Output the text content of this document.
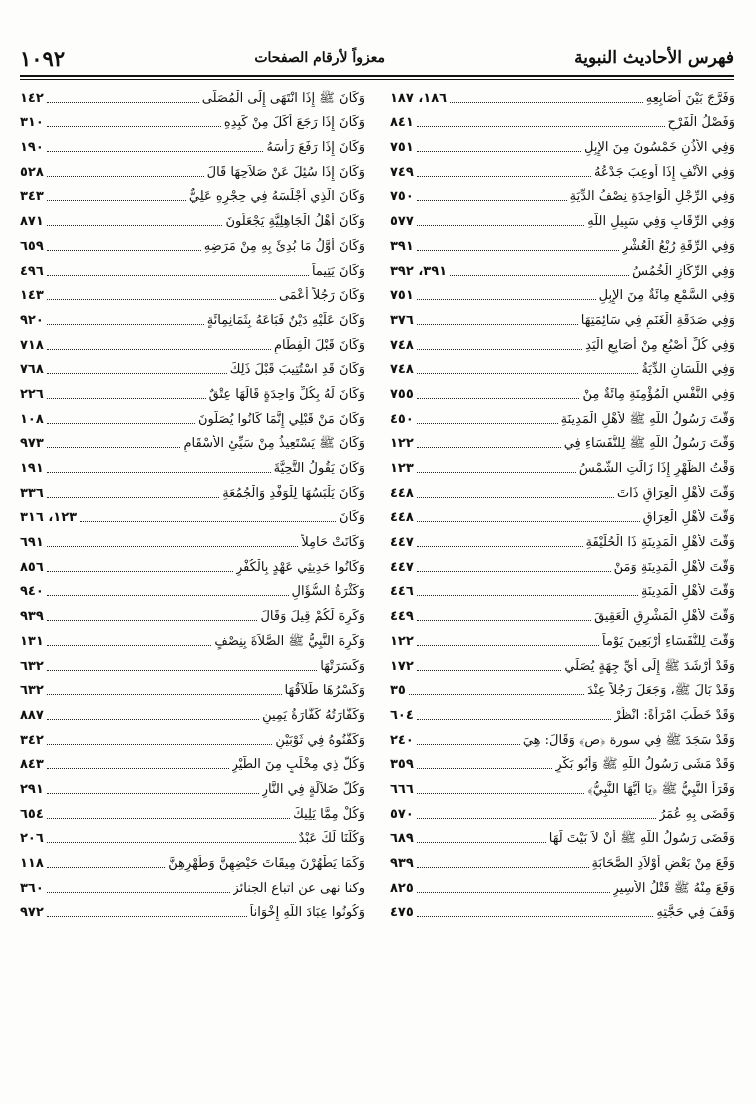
فهرس الأحاديث النبوية
معزواً لأرقام الصفحات
١٠٩٢
وَفَرَّجَ بَيْنَ أَصَابِعِهِ
١٨٦، ١٨٧
وَفَصْلُ الْفَرْحِ
٨٤١
وَفِي الأُذُنِ خَمْسُونَ مِنَ الإِبِلِ
٧٥١
وَفِي الأَنْفِ إِذَا أُوعِبَ جَدْعُهُ
٧٤٩
وَفِي الرِّجْلِ الْوَاحِدَةِ نِصْفُ الدِّيَةِ
٧٥٠
وَفِي الرِّقَابِ وَفِي سَبِيلِ اللَّهِ
٥٧٧
وَفِي الرِّقَةِ رُبْعُ الْعُشْرِ
٣٩١
وَفِي الرِّكَازِ الْخُمُسُ
٣٩١، ٣٩٢
وَفِي السَّمْعِ مِائَةٌ مِنَ الإِبِلِ
٧٥١
وَفِي صَدَقَةِ الْغَنَمِ فِي سَائِمَتِهَا
٣٧٦
وَفِي كُلِّ أُصْبُعٍ مِنْ أَصَابِعِ الْيَدِ
٧٤٨
وَفِي اللِّسَانِ الدِّيَةُ
٧٤٨
وَفِي النَّفْسِ الْمُؤْمِنَةِ مِائَةٌ مِنْ
٧٥٥
وَقَّتَ رَسُولُ اللَّهِ ﷺ لأَهْلِ الْمَدِينَةِ
٤٥٠
وَقَّتَ رَسُولُ اللَّهِ ﷺ لِلنُّفَسَاءِ فِي
١٢٢
وَقْتُ الظُّهْرِ إِذَا زَالَتِ الشَّمْسُ
١٢٣
وَقَّتَ لأَهْلِ الْعِرَاقِ ذَاتَ
٤٤٨
وَقَّتَ لأَهْلِ الْعِرَاقِ
٤٤٨
وَقَّتَ لأَهْلِ الْمَدِينَةِ ذَا الْحُلَيْفَةِ
٤٤٧
وَقَّتَ لأَهْلِ الْمَدِينَةِ وَمَنْ
٤٤٧
وَقَّتَ لأَهْلِ الْمَدِينَةِ
٤٤٦
وَقَّتَ لأَهْلِ الْمَشْرِقِ الْعَقِيقَ
٤٤٩
وَقَّتَ لِلنُّفَسَاءِ أَرْبَعِينَ يَوْماً
١٢٢
وَقَدْ أَرْشَدَ ﷺ إِلَى أَيِّ جِهَةٍ يُصَلِّي
١٧٢
وَقَدْ بَالَ ﷺ، وَجَعَلَ رَجُلاً عِنْدَ
٣٥
وَقَدْ خَطَبَ امْرَأَةً: انْظُرْ
٦٠٤
وَقَدْ سَجَدَ ﷺ فِي سورة ﴿ص﴾ وَقَالَ: هِيَ
٢٤٠
وَقَدْ مَشَى رَسُولُ اللَّهِ ﷺ وَأَبُو بَكْرٍ
٣٥٩
وَقَرَأَ النَّبِيُّ ﷺ ﴿يَا أَيُّهَا النَّبِيُّ﴾
٦٦٦
وَقَضَى بِهِ عُمَرُ
٥٧٠
وَقَضَى رَسُولُ اللَّهِ ﷺ أَنْ لاَ بَيْتَ لَهَا
٦٨٩
وَقَعَ مِنْ بَعْضِ أَوْلاَدِ الصَّحَابَةِ
٩٣٩
وَقَعَ مِنْهُ ﷺ قَتْلُ الأَسِيرِ
٨٢٥
وَقَفَ فِي حَجَّتِهِ
٤٧٥
وَكَانَ ﷺ إِذَا انْتَهَى إِلَى الْمُصَلَّى
١٤٢
وَكَانَ إِذَا رَجَعَ أَكَلَ مِنْ كَبِدِهِ
٣١٠
وَكَانَ إِذَا رَفَعَ رَأْسَهُ
١٩٠
وَكَانَ إِذَا سُئِلَ عَنْ صَلاَحِهَا قَالَ
٥٢٨
وَكَانَ الَّذِي أَجْلَسَهُ فِي حِجْرِهِ عَلِيٌّ
٣٤٣
وَكَانَ أَهْلُ الْجَاهِلِيَّةِ يَجْعَلُونَ
٨٧١
وَكَانَ أَوَّلُ مَا بُدِئَ بِهِ مِنْ مَرَضِهِ
٦٥٩
وَكَانَ يَتِيماً
٤٩٦
وَكَانَ رَجُلاً أَعْمَى
١٤٣
وَكَانَ عَلَيْهِ دَيْنٌ فَبَاعَهُ بِثَمَانِمِائَةٍ
٩٢٠
وَكَانَ قَبْلَ الْفِطَامِ
٧١٨
وَكَانَ قَدِ اسْتُتِيبَ قَبْلَ ذَلِكَ
٧٦٨
وَكَانَ لَهُ بِكُلِّ وَاحِدَةٍ قَالَهَا عِتْقٌ
٢٢٦
وَكَانَ مَنْ قَبْلِي إِنَّمَا كَانُوا يُصَلُّونَ
١٠٨
وَكَانَ ﷺ يَسْتَعِيذُ مِنْ سَيِّئِ الأَسْقَامِ
٩٧٣
وَكَانَ يَقُولُ التَّحِيَّةَ
١٩١
وَكَانَ يَلْبَسُهَا لِلْوَفْدِ وَالْجُمُعَةِ
٣٣٦
وَكَانَ
١٢٣، ٣١٦
وَكَانَتْ حَامِلاً
٦٩١
وَكَانُوا حَدِيثِي عَهْدٍ بِالْكُفْرِ
٨٥٦
وَكَثْرَةُ السُّؤَالِ
٩٤٠
وَكَرِهَ لَكُمْ قِيلَ وَقَالَ
٩٣٩
وَكَرِهَ النَّبِيُّ ﷺ الصَّلاَةَ بِنِصْفٍ
١٣١
وَكَسَرَتْهَا
٦٣٢
وَكَسْرُهَا طَلاَقُهَا
٦٣٢
وَكَفَّارَتُهُ كَفَّارَةُ يَمِينٍ
٨٨٧
وَكَفَّنُوهُ فِي ثَوْبَيْنِ
٣٤٢
وَكُلُّ ذِي مِخْلَبٍ مِنَ الطَّيْرِ
٨٤٣
وَكُلُّ ضَلاَلَةٍ فِي النَّارِ
٢٩١
وَكُلْ مِمَّا يَلِيكَ
٦٥٤
وَكُلُّنَا لَكَ عَبْدٌ
٢٠٦
وَكَمَا يَطْهُرْنَ مِيقَاتَ حَيْضِهِنَّ وَطُهْرِهِنَّ
١١٨
وكنا نهى عن اتباع الجنائز
٣٦٠
وَكُونُوا عِبَادَ اللَّهِ إِخْوَاناً
٩٧٢
